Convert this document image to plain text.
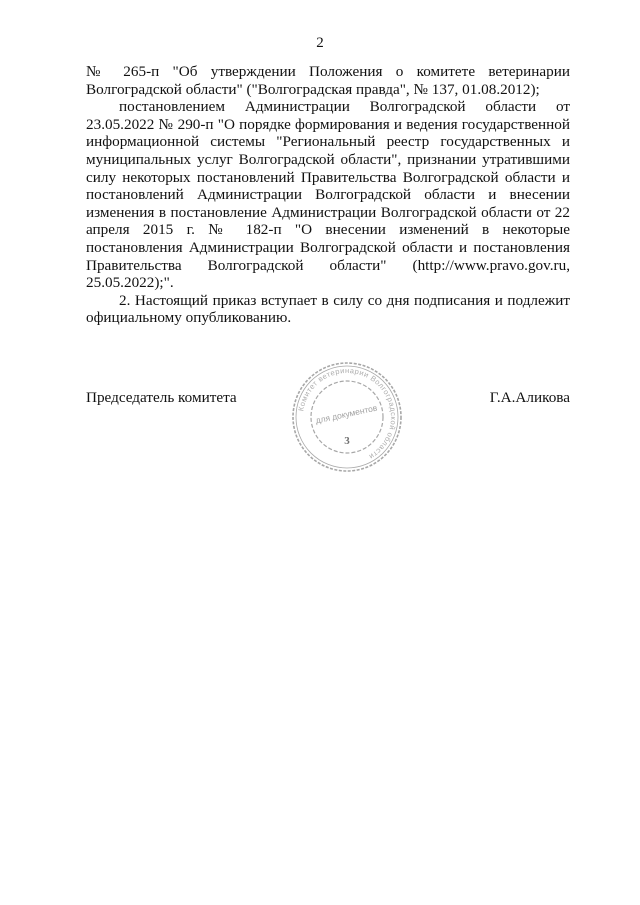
2

№ 265-п "Об утверждении Положения о комитете ветеринарии Волгоградской области" ("Волгоградская правда", № 137, 01.08.2012);

постановлением Администрации Волгоградской области от 23.05.2022 № 290-п "О порядке формирования и ведения государственной информационной системы "Региональный реестр государственных и муниципальных услуг Волгоградской области", признании утратившими силу некоторых постановлений Правительства Волгоградской области и постановлений Администрации Волгоградской области и внесении изменения в постановление Администрации Волгоградской области от 22 апреля 2015 г. № 182-п "О внесении изменений в некоторые постановления Администрации Волгоградской области и постановления Правительства Волгоградской области" (http://www.pravo.gov.ru, 25.05.2022);".

2. Настоящий приказ вступает в силу со дня подписания и подлежит официальному опубликованию.

Председатель комитета	Г.А.Аликова
Комитет ветеринарии Волгоградской области
для документов
3
